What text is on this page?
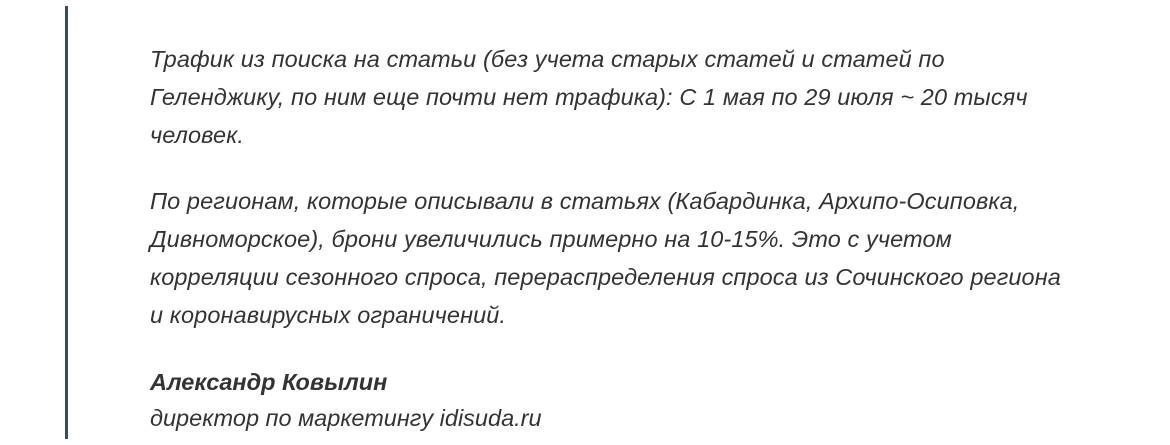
Трафик из поиска на статьи (без учета старых статей и статей по Геленджику, по ним еще почти нет трафика): С 1 мая по 29 июля ~ 20 тысяч человек.

По регионам, которые описывали в статьях (Кабардинка, Архипо-Осиповка, Дивноморское), брони увеличились примерно на 10-15%. Это с учетом корреляции сезонного спроса, перераспределения спроса из Сочинского региона и коронавирусных ограничений.

Александр Ковылин

директор по маркетингу idisuda.ru
